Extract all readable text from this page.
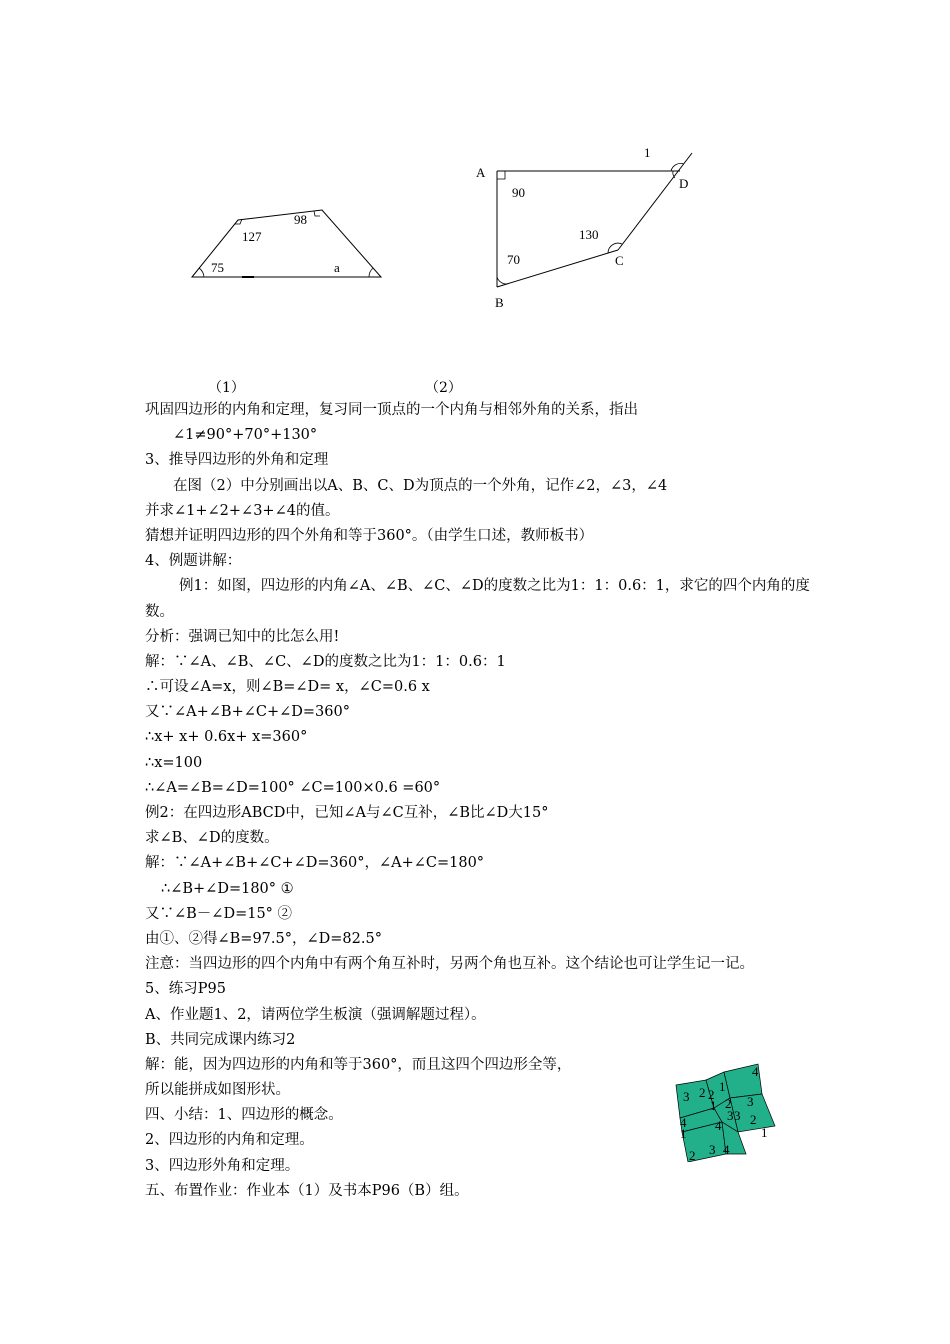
98
127
75	a
1
A
D
90
130
C
70
B
（1）	（2）
4
1
2
3	3
2
1
1
2
3 3 2
4
1
4
4
2 3
巩固四边形的内角和定理，复习同一顶点的一个内角与相邻外角的关系，指出
∠1≠90°+70°+130°
3、推导四边形的外角和定理
在图（2）中分别画出以A、B、C、D为顶点的一个外角，记作∠2，∠3，∠4
并求∠1+∠2+∠3+∠4的值。
猜想并证明四边形的四个外角和等于360°。（由学生口述，教师板书）
4、例题讲解：
例1：如图，四边形的内角∠A、∠B、∠C、∠D的度数之比为1：1：0.6：1，求它的四个内角的度数。
分析：强调已知中的比怎么用!
解：∵∠A、∠B、∠C、∠D的度数之比为1：1：0.6：1
∴可设∠A=x，则∠B=∠D= x，∠C=0.6 x
又∵∠A+∠B+∠C+∠D=360°
∴x+ x+ 0.6x+ x=360°
∴x=100
∴∠A=∠B=∠D=100° ∠C=100×0.6 =60°
例2：在四边形ABCD中，已知∠A与∠C互补，∠B比∠D大15°
求∠B、∠D的度数。
解：∵∠A+∠B+∠C+∠D=360°，∠A+∠C=180°
∴∠B+∠D=180° ①
又∵∠B－∠D=15° ②
由①、②得∠B=97.5°，∠D=82.5°
注意：当四边形的四个内角中有两个角互补时，另两个角也互补。这个结论也可让学生记一记。
5、练习P95
A、作业题1、2，请两位学生板演（强调解题过程）。
B、共同完成课内练习2
解：能，因为四边形的内角和等于360°，而且这四个四边形全等，
所以能拼成如图形状。
四、小结：1、四边形的概念。
2、四边形的内角和定理。
3、四边形外角和定理。
五、布置作业：作业本（1）及书本P96（B）组。
